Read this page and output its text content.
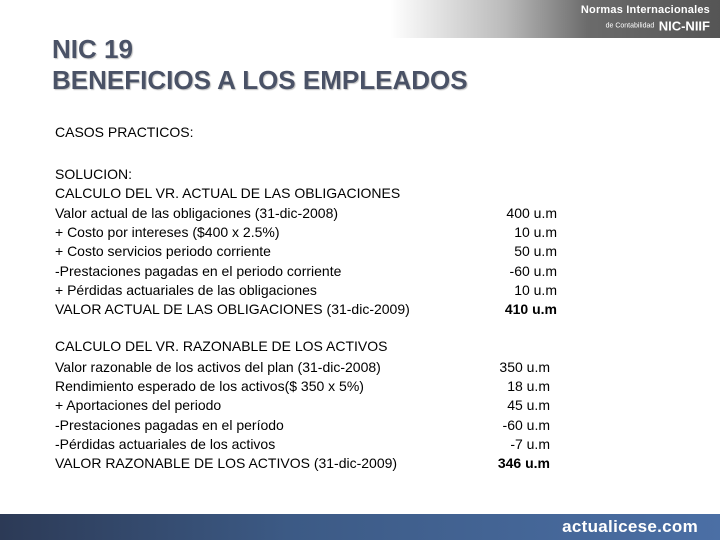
Normas Internacionales
de Contabilidad NIC-NIIF
NIC 19
BENEFICIOS A LOS EMPLEADOS
CASOS PRACTICOS:
SOLUCION:
CALCULO DEL VR. ACTUAL DE LAS OBLIGACIONES
Valor actual de las obligaciones (31-dic-2008)	400 u.m
+ Costo por intereses ($400 x 2.5%)	10 u.m
+ Costo servicios periodo corriente	50 u.m
-Prestaciones pagadas en el periodo corriente	-60 u.m
+ Pérdidas actuariales de las obligaciones	10 u.m
VALOR ACTUAL DE LAS OBLIGACIONES (31-dic-2009)	410 u.m
CALCULO DEL VR. RAZONABLE DE LOS ACTIVOS
Valor razonable de los activos del plan (31-dic-2008)	350 u.m
Rendimiento esperado de los activos($ 350 x 5%)	18 u.m
+ Aportaciones del periodo	45 u.m
-Prestaciones pagadas en el período	-60 u.m
-Pérdidas actuariales de los activos	-7 u.m
VALOR RAZONABLE DE LOS ACTIVOS (31-dic-2009)	346 u.m
actualicese.com
